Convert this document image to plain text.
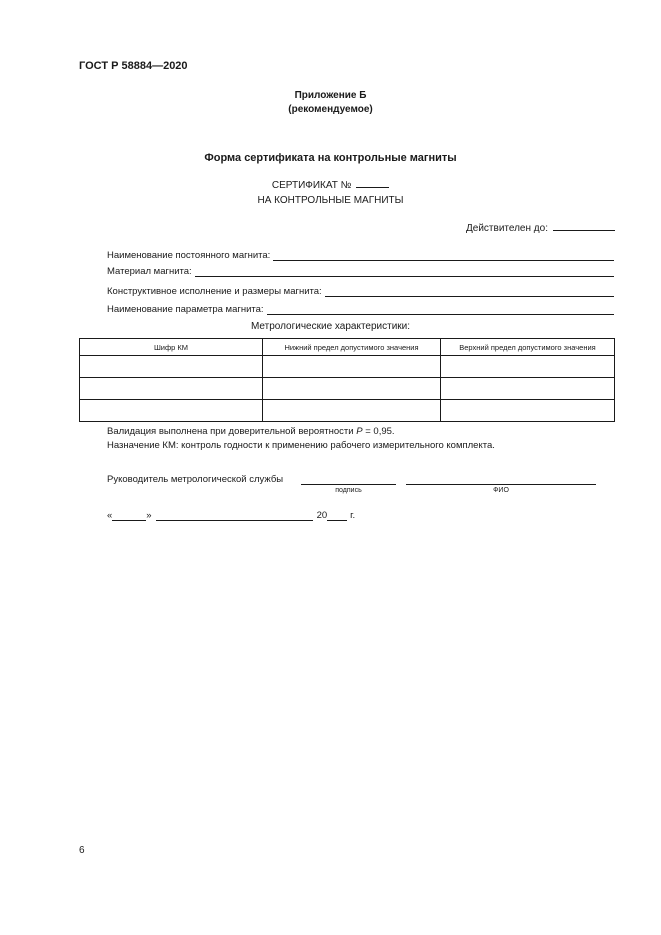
ГОСТ Р 58884—2020
Приложение Б
(рекомендуемое)
Форма сертификата на контрольные магниты
СЕРТИФИКАТ №
НА КОНТРОЛЬНЫЕ МАГНИТЫ
Действителен до:
Наименование постоянного магнита:
Материал магнита:
Конструктивное исполнение и размеры магнита:
Наименование параметра магнита:
Метрологические характеристики:
Шифр КМ	Нижний предел допустимого значения	Верхний предел допустимого значения

Валидация выполнена при доверительной вероятности P = 0,95.
Назначение КМ: контроль годности к применению рабочего измерительного комплекта.
Руководитель метрологической службы
подпись	ФИО
«	»	20 г.
6
